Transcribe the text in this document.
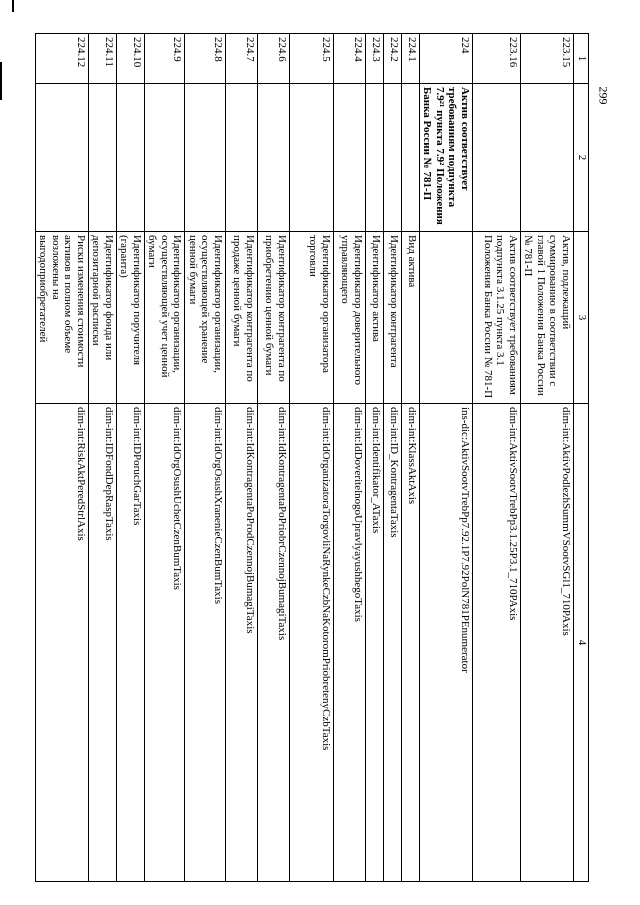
299
1	2	3	4
223.15		Актив, подлежащий суммированию в соответствии с главой 1 Положения Банка России № 781-П	dim-int:AktivPodlezhSummVSootvSGl1_710PAxis
223.16		Актив соответствует требованиям подпункта 3.1.25 пункта 3.1 Положения Банка России № 781-П	dim-int:AktivSootvTrebPp3.1.25P3.1_710PAxis
224	Актив соответствует требованиям подпункта 7.9²¹ пункта 7.9² Положения Банка России № 781-П		ins-dic:AktivSootvTrebPp7.92.1P7.92PolN781PEnumerator
224.1		Вид актива	dim-int:KlassAktAxis
224.2		Идентификатор контрагента	dim-int:ID_KontragentaTaxis
224.3		Идентификатор актива	dim-int:Identifikator_ATaxis
224.4		Идентификатор доверительного управляющего	dim-int:IdDoveritelnogoUpravlyayushhegoTaxis
224.5		Идентификатор организатора торговли	dim-int:IdOrganizatoraTorgovliNaRynkeCzbNaKotoromPriobretenyCzbTaxis
224.6		Идентификатор контрагента по приобретению ценной бумаги	dim-int:IdKontragentaPoPriobrCzennojBumagiTaxis
224.7		Идентификатор контрагента по продаже ценной бумаги	dim-int:IdKontragentaPoProdCzennojBumagiTaxis
224.8		Идентификатор организации, осуществляющей хранение ценной бумаги	dim-int:IdOrgOsushXranenieCzenBumTaxis
224.9		Идентификатор организации, осуществляющей учет ценной бумаги	dim-int:IdOrgOsushUchetCzenBumTaxis
224.10		Идентификатор поручителя (гаранта)	dim-int:IDPoruchGarTaxis
224.11		Идентификатор фонда или депозитарной расписки	dim-int:IDFondDepRaspTaxis
224.12		Риски изменения стоимости активов в полном объеме возложены на выгодоприобретателей	dim-int:RiskAktPeredStrlAxis
